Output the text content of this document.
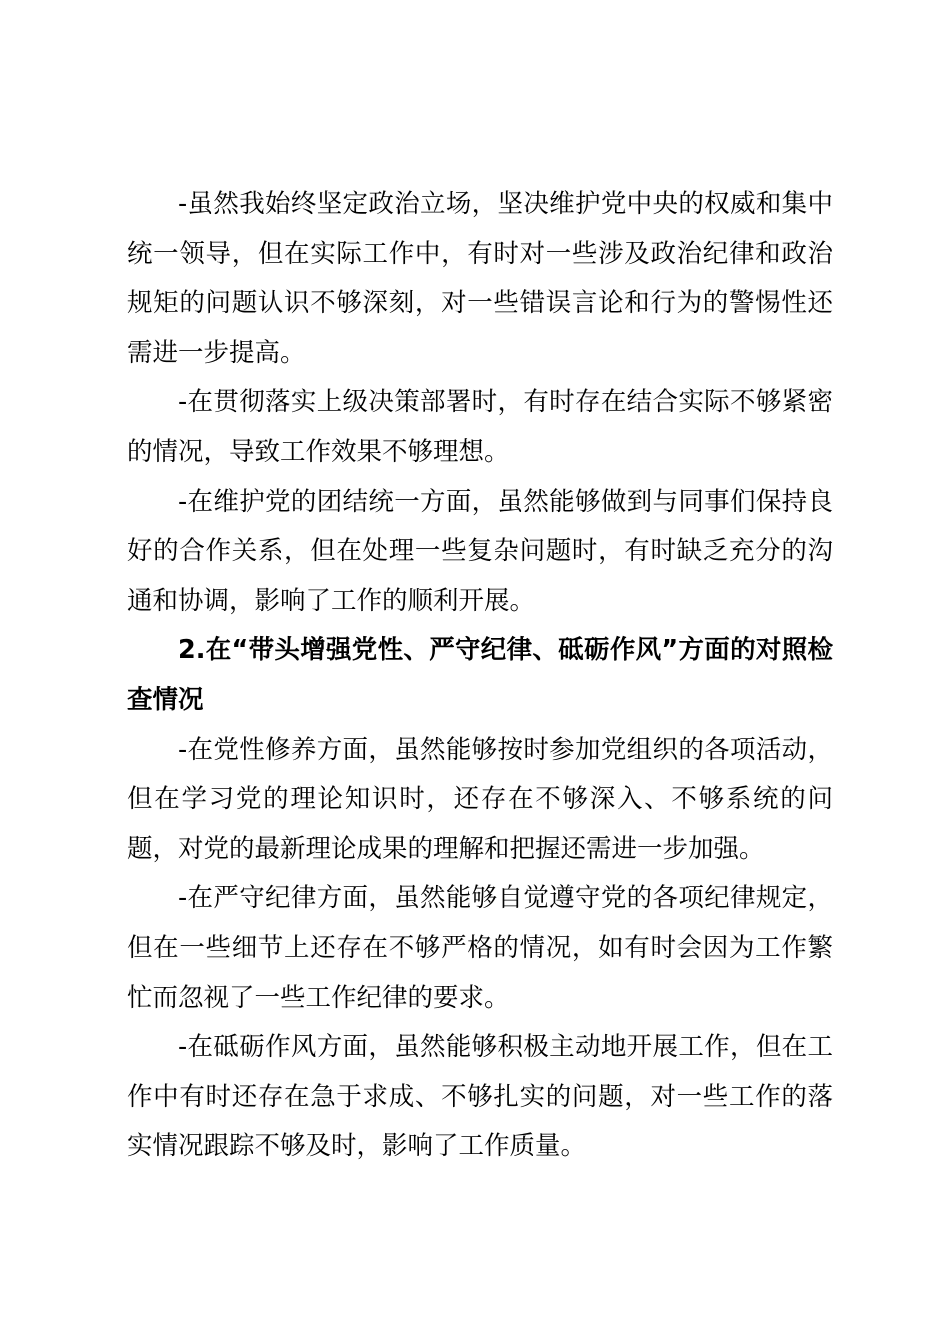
-虽然我始终坚定政治立场，坚决维护党中央的权威和集中统一领导，但在实际工作中，有时对一些涉及政治纪律和政治规矩的问题认识不够深刻，对一些错误言论和行为的警惕性还需进一步提高。

-在贯彻落实上级决策部署时，有时存在结合实际不够紧密的情况，导致工作效果不够理想。

-在维护党的团结统一方面，虽然能够做到与同事们保持良好的合作关系，但在处理一些复杂问题时，有时缺乏充分的沟通和协调，影响了工作的顺利开展。

2.在“带头增强党性、严守纪律、砥砺作风”方面的对照检查情况

-在党性修养方面，虽然能够按时参加党组织的各项活动，但在学习党的理论知识时，还存在不够深入、不够系统的问题，对党的最新理论成果的理解和把握还需进一步加强。

-在严守纪律方面，虽然能够自觉遵守党的各项纪律规定，但在一些细节上还存在不够严格的情况，如有时会因为工作繁忙而忽视了一些工作纪律的要求。

-在砥砺作风方面，虽然能够积极主动地开展工作，但在工作中有时还存在急于求成、不够扎实的问题，对一些工作的落实情况跟踪不够及时，影响了工作质量。
